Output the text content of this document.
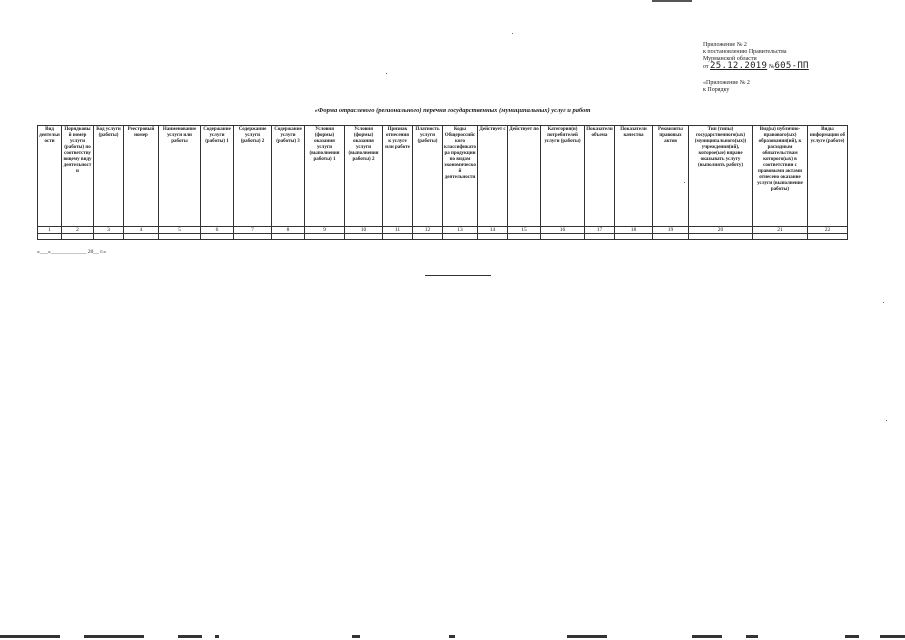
Приложение № 2
к постановлению Правительства
Мурманской области
от 25.12.2019 №605-ПП
«Приложение № 2
к Порядку
«Форма отраслевого (регионального) перечня государственных (муниципальных) услуг и работ
Вид деятельности	Порядковый номер услуги (работы) по соответствующему виду деятельности	Код услуги (работы)	Реестровый номер	Наименование услуги или работы	Содержание услуги (работы) 1	Содержание услуги (работы) 2	Содержание услуги (работы) 3	Условия (формы) оказания услуги (выполнения работы) 1	Условия (формы) оказания услуги (выполнения работы) 2	Признак отнесения к услуге или работе	Платность услуги (работы)	Коды Общероссийского классификатора продукции по видам экономической деятельности	Действует с	Действует по	Категория(и) потребителей услуги (работы)	Показатели объема	Показатели качества	Реквизиты правовых актов	Тип (типы) государственного(ых) (муниципального(ых)) учреждения(ий), которое(ые) вправе оказывать услугу (выполнять работу)	Вид(ы) публично-правового(ых) образования(ий), к расходным обязательствам которого(ых) в соответствии с правовыми актами отнесено оказание услуги (выполнение работы)	Виды информации об услуге (работе)
1	2	3	4	5	6	7	8	9	10	11	12	13	14	15	16	17	18	19	20	21	22

«___»_____________ 20__ г.»
